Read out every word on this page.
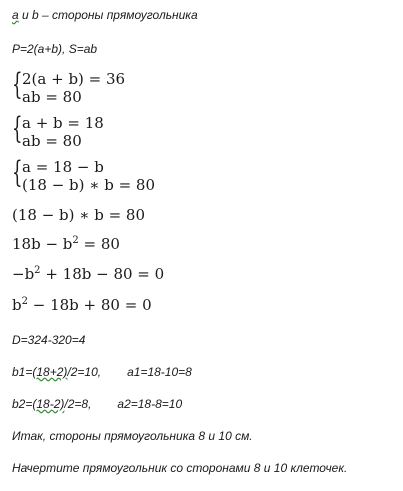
a и b – стороны прямоугольника
P=2(a+b), S=ab
{ 2(a + b) = 36
ab = 80
{ a + b = 18
ab = 80
{ a = 18 − b
(18 − b) ∗ b = 80
(18 − b) ∗ b = 80
$18b - b^2 = 80$
$-b^2 + 18b - 80 = 0$
$b^2 - 18b + 80 = 0$
D=324-320=4
b1=(18+2)/2=10, a1=18-10=8
b2=(18-2)/2=8, a2=18-8=10
Итак, стороны прямоугольника 8 и 10 см.
Начертите прямоугольник со сторонами 8 и 10 клеточек.
